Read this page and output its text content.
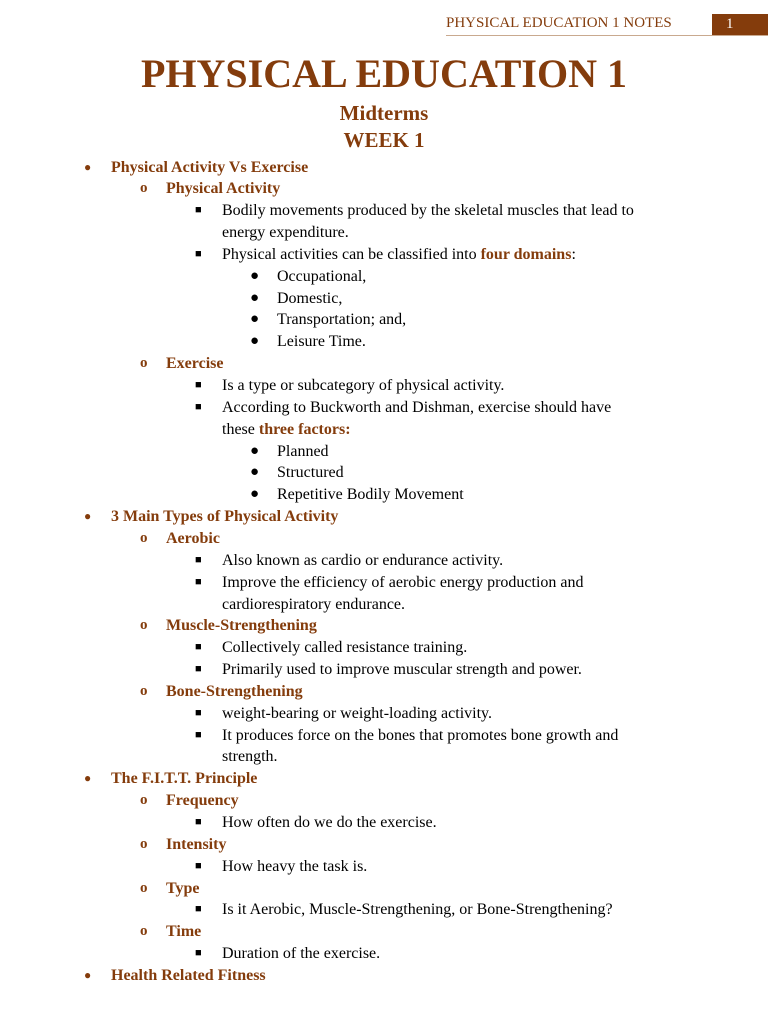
PHYSICAL EDUCATION 1 NOTES	1
PHYSICAL EDUCATION 1
Midterms
WEEK 1
● Physical Activity Vs Exercise
o Physical Activity
■ Bodily movements produced by the skeletal muscles that lead to
energy expenditure.
■ Physical activities can be classified into four domains:
● Occupational,
● Domestic,
● Transportation; and,
● Leisure Time.
o Exercise
■ Is a type or subcategory of physical activity.
■ According to Buckworth and Dishman, exercise should have
these three factors:
● Planned
● Structured
● Repetitive Bodily Movement
● 3 Main Types of Physical Activity
o Aerobic
■ Also known as cardio or endurance activity.
■ Improve the efficiency of aerobic energy production and
cardiorespiratory endurance.
o Muscle-Strengthening
■ Collectively called resistance training.
■ Primarily used to improve muscular strength and power.
o Bone-Strengthening
■ weight-bearing or weight-loading activity.
■ It produces force on the bones that promotes bone growth and
strength.
● The F.I.T.T. Principle
o Frequency
■ How often do we do the exercise.
o Intensity
■ How heavy the task is.
o Type
■ Is it Aerobic, Muscle-Strengthening, or Bone-Strengthening?
o Time
■ Duration of the exercise.
● Health Related Fitness
